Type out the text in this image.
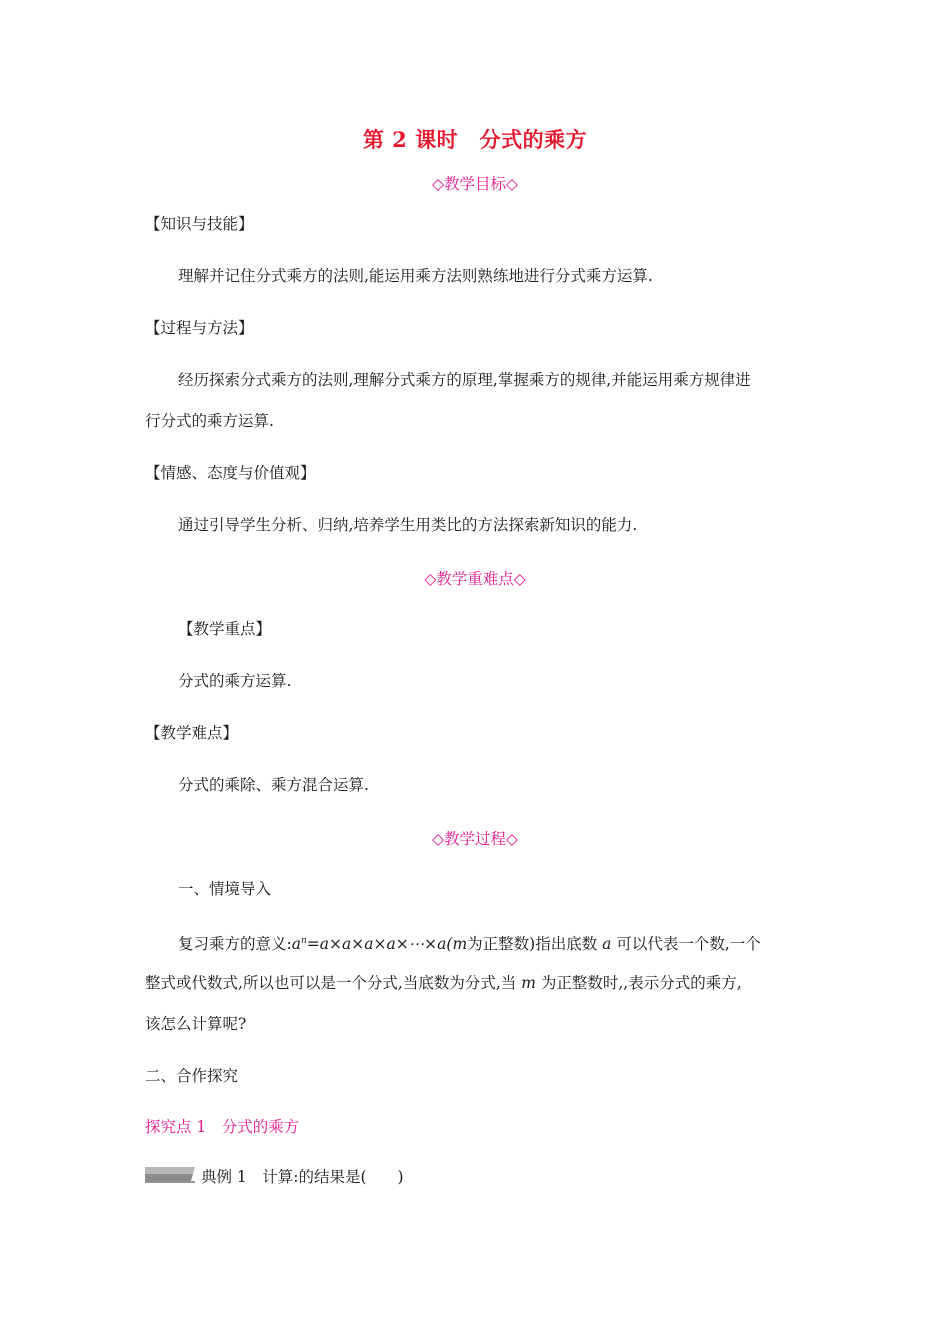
第 2 课时　分式的乘方
◇教学目标◇
【知识与技能】
理解并记住分式乘方的法则,能运用乘方法则熟练地进行分式乘方运算.
【过程与方法】
经历探索分式乘方的法则,理解分式乘方的原理,掌握乘方的规律,并能运用乘方规律进
行分式的乘方运算.
【情感、态度与价值观】
通过引导学生分析、归纳,培养学生用类比的方法探索新知识的能力.
◇教学重难点◇
【教学重点】
分式的乘方运算.
【教学难点】
分式的乘除、乘方混合运算.
◇教学过程◇
一、情境导入
复习乘方的意义$:a^n=a\times a\times a\times a\times\cdots\times a(m$为正整数)指出底数 a 可以代表一个数,一个
整式或代数式,所以也可以是一个分式,当底数为分式,当 m 为正整数时,,表示分式的乘方,
该怎么计算呢?
二、合作探究
探究点 1　分式的乘方
典例 1　计算:的结果是(　　)
